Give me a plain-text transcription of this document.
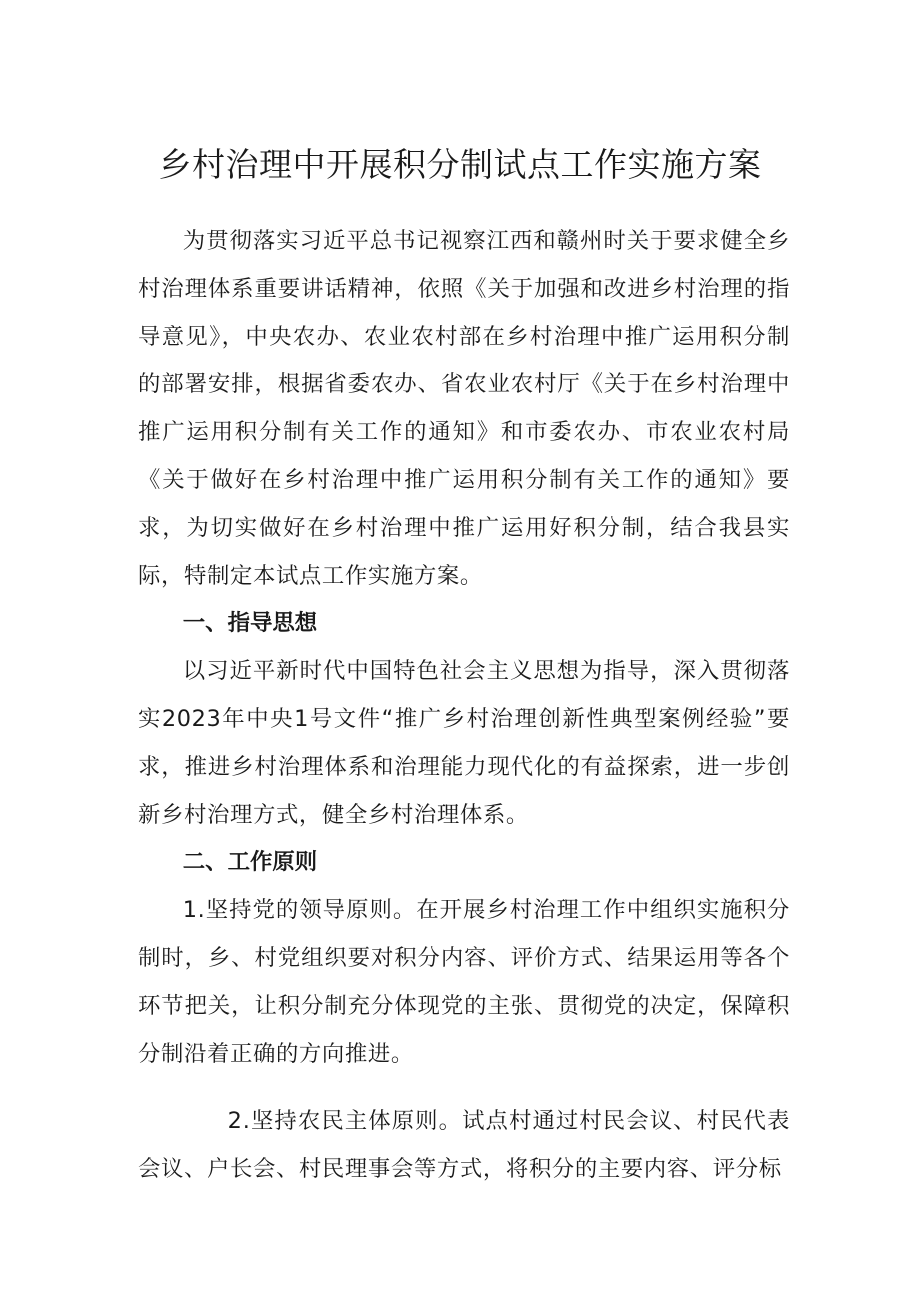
乡村治理中开展积分制试点工作实施方案

为贯彻落实习近平总书记视察江西和赣州时关于要求健全乡村治理体系重要讲话精神，依照《关于加强和改进乡村治理的指导意见》，中央农办、农业农村部在乡村治理中推广运用积分制的部署安排，根据省委农办、省农业农村厅《关于在乡村治理中推广运用积分制有关工作的通知》和市委农办、市农业农村局《关于做好在乡村治理中推广运用积分制有关工作的通知》要求，为切实做好在乡村治理中推广运用好积分制，结合我县实际，特制定本试点工作实施方案。

一、指导思想

以习近平新时代中国特色社会主义思想为指导，深入贯彻落实2023年中央1号文件“推广乡村治理创新性典型案例经验”要求，推进乡村治理体系和治理能力现代化的有益探索，进一步创新乡村治理方式，健全乡村治理体系。

二、工作原则

1.坚持党的领导原则。在开展乡村治理工作中组织实施积分制时，乡、村党组织要对积分内容、评价方式、结果运用等各个环节把关，让积分制充分体现党的主张、贯彻党的决定，保障积分制沿着正确的方向推进。

2.坚持农民主体原则。试点村通过村民会议、村民代表会议、户长会、村民理事会等方式，将积分的主要内容、评分标
